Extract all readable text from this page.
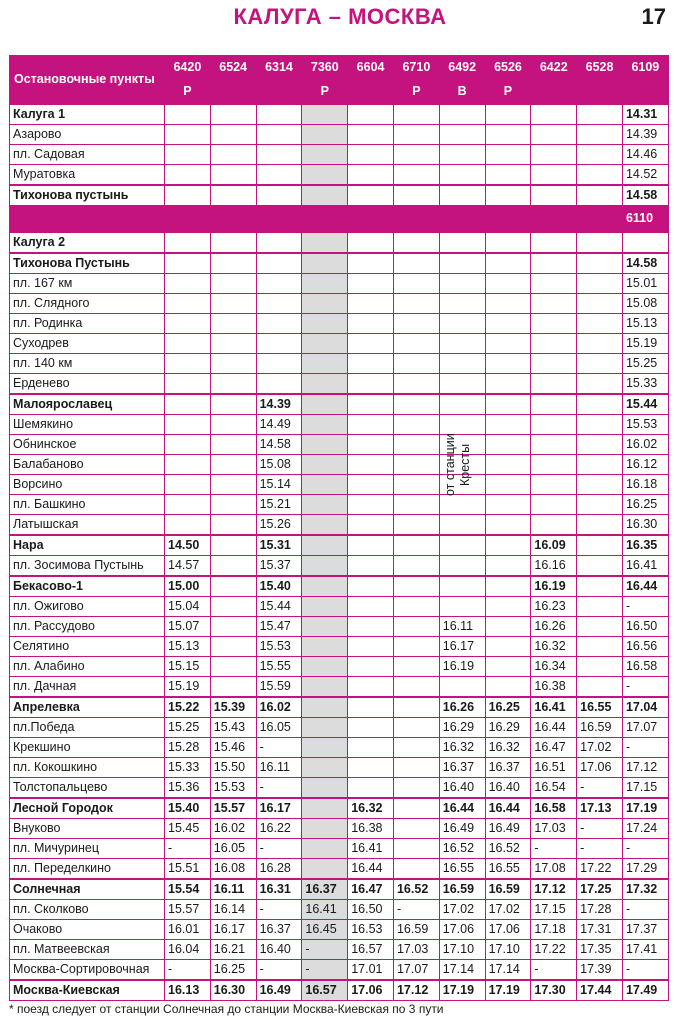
КАЛУГА – МОСКВА	17
Остановочные пункты	6420	6524	6314	7360	6604	6710	6492	6526	6422	6528	6109
	Р			Р		Р	В	Р			
Калуга 1											14.31
Азарово											14.39
пл. Садовая											14.46
Муратовка											14.52
Тихонова пустынь											14.58
											6110
Калуга 2											
Тихонова Пустынь											14.58
пл. 167 км											15.01
пл. Слядного											15.08
пл. Родинка											15.13
Суходрев											15.19
пл. 140 км											15.25
Ерденево											15.33
Малоярославец			14.39								15.44
Шемякино			14.49								15.53
Обнинское			14.58								16.02
Балабаново			15.08								16.12
Ворсино			15.14								16.18
пл. Башкино			15.21								16.25
Латышская			15.26								16.30
Нара	14.50		15.31						16.09		16.35
пл. Зосимова Пустынь	14.57		15.37						16.16		16.41
Бекасово-1	15.00		15.40						16.19		16.44
пл. Ожигово	15.04		15.44						16.23		-
пл. Рассудово	15.07		15.47				16.11		16.26		16.50
Селятино	15.13		15.53				16.17		16.32		16.56
пл. Алабино	15.15		15.55				16.19		16.34		16.58
пл. Дачная	15.19		15.59						16.38		-
Апрелевка	15.22	15.39	16.02				16.26	16.25	16.41	16.55	17.04
пл.Победа	15.25	15.43	16.05				16.29	16.29	16.44	16.59	17.07
Крекшино	15.28	15.46	-				16.32	16.32	16.47	17.02	-
пл. Кокошкино	15.33	15.50	16.11				16.37	16.37	16.51	17.06	17.12
Толстопальцево	15.36	15.53	-				16.40	16.40	16.54	-	17.15
Лесной Городок	15.40	15.57	16.17		16.32		16.44	16.44	16.58	17.13	17.19
Внуково	15.45	16.02	16.22		16.38		16.49	16.49	17.03	-	17.24
пл. Мичуринец	-	16.05	-		16.41		16.52	16.52	-	-	-
пл. Переделкино	15.51	16.08	16.28		16.44		16.55	16.55	17.08	17.22	17.29
Солнечная	15.54	16.11	16.31	16.37	16.47	16.52	16.59	16.59	17.12	17.25	17.32
пл. Сколково	15.57	16.14	-	16.41	16.50	-	17.02	17.02	17.15	17.28	-
Очаково	16.01	16.17	16.37	16.45	16.53	16.59	17.06	17.06	17.18	17.31	17.37
пл. Матвеевская	16.04	16.21	16.40	-	16.57	17.03	17.10	17.10	17.22	17.35	17.41
Москва-Сортировочная	-	16.25	-	-	17.01	17.07	17.14	17.14	-	17.39	-
Москва-Киевская	16.13	16.30	16.49	16.57	17.06	17.12	17.19	17.19	17.30	17.44	17.49
от станции Кресты
* поезд следует от станции Солнечная до станции Москва-Киевская по 3 пути
